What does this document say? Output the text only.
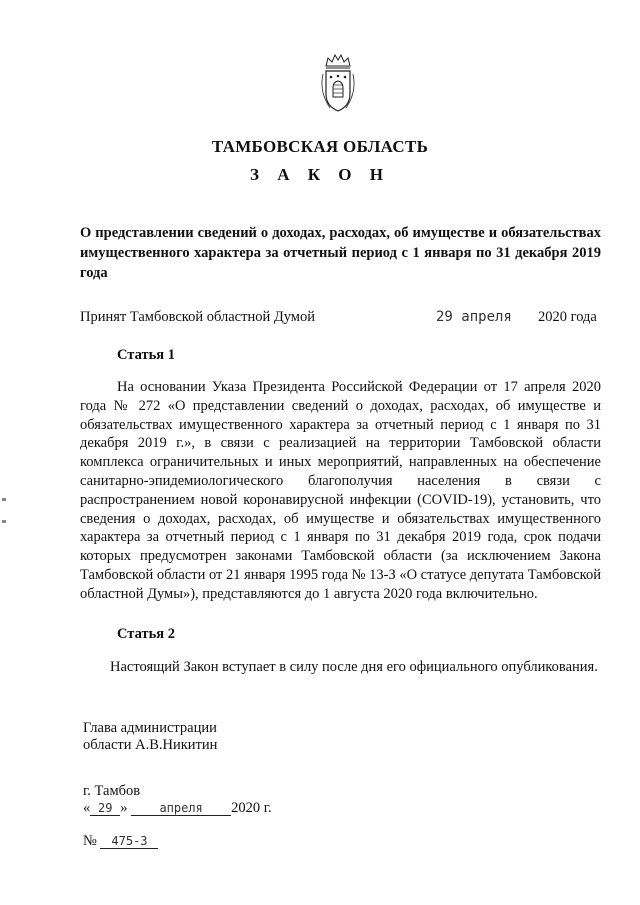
ТАМБОВСКАЯ ОБЛАСТЬ
З А К О Н
О представлении сведений о доходах, расходах, об имуществе и обязательствах имущественного характера за отчетный период с 1 января по 31 декабря 2019 года
Принят Тамбовской областной Думой	29 апреля 2020 года
Статья 1
На основании Указа Президента Российской Федерации от 17 апреля 2020 года № 272 «О представлении сведений о доходах, расходах, об имуществе и обязательствах имущественного характера за отчетный период с 1 января по 31 декабря 2019 г.», в связи с реализацией на территории Тамбовской области комплекса ограничительных и иных мероприятий, направленных на обеспечение санитарно-эпидемиологического благополучия населения в связи с распространением новой коронавирусной инфекции (COVID-19), установить, что сведения о доходах, расходах, об имуществе и обязательствах имущественного характера за отчетный период с 1 января по 31 декабря 2019 года, срок подачи которых предусмотрен законами Тамбовской области (за исключением Закона Тамбовской области от 21 января 1995 года № 13-З «О статусе депутата Тамбовской областной Думы»), представляются до 1 августа 2020 года включительно.
Статья 2
Настоящий Закон вступает в силу после дня его официального опубликования.
Глава администрации
области А.В.Никитин
г. Тамбов
« 29 »	апреля 2020 г.
№ 475-З
